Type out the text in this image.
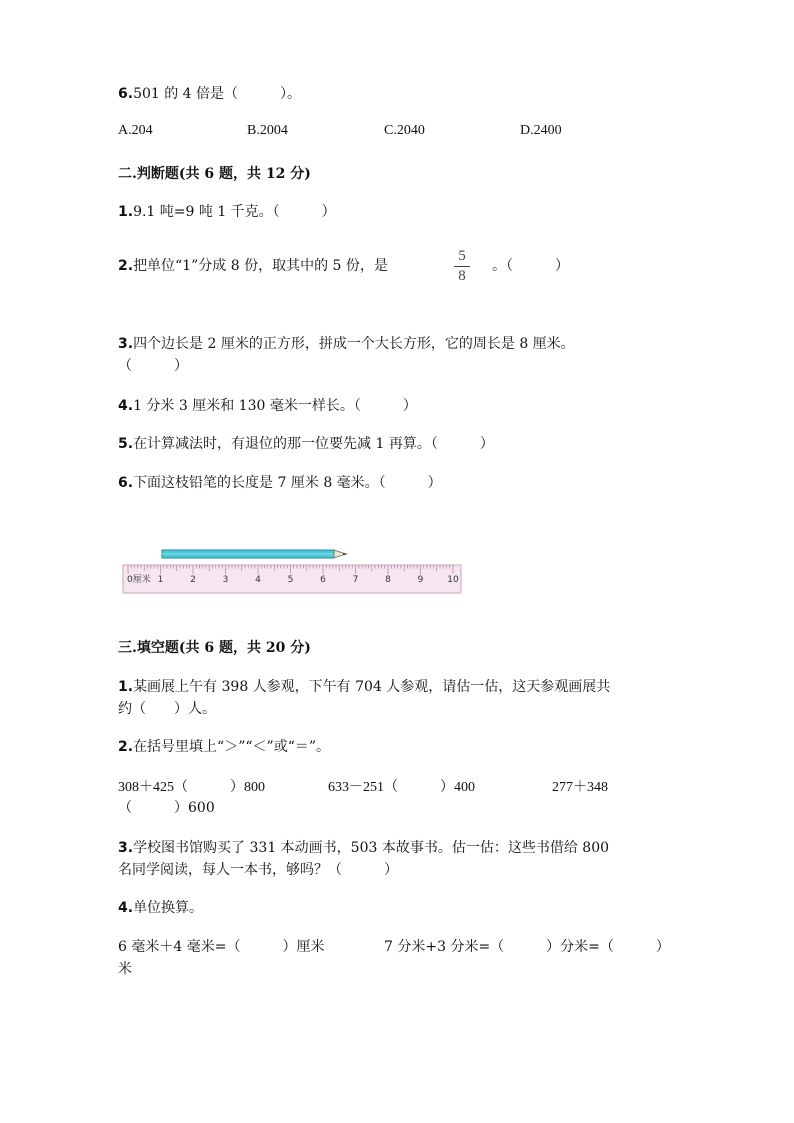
6.501 的 4 倍是（　　　）。
A.204	B.2004	C.2040	D.2400
二.判断题(共 6 题，共 12 分)
1.9.1 吨=9 吨 1 千克。（　　　）
2.把单位“1”分成 8 份，取其中的 5 份，是
5
8
。（　　　）
3.四个边长是 2 厘米的正方形，拼成一个大长方形，它的周长是 8 厘米。
（　　　）
4.1 分米 3 厘米和 130 毫米一样长。（　　　）
5.在计算减法时，有退位的那一位要先减 1 再算。（　　　）
6.下面这枝铅笔的长度是 7 厘米 8 毫米。（　　　）
0厘米 1	2	3	4	5	6	7	8	9	10
三.填空题(共 6 题，共 20 分)
1.某画展上午有 398 人参观，下午有 704 人参观，请估一估，这天参观画展共
约（　　）人。
2.在括号里填上“＞”“＜”或“＝”。
308＋425（　　　）800	633－251（　　　）400	277＋348
（　　　）600
3.学校图书馆购买了 331 本动画书，503 本故事书。估一估：这些书借给 800
名同学阅读，每人一本书，够吗？（　　　）
4.单位换算。
6 毫米＋4 毫米=（　　　）厘米	7 分米+3 分米=（　　　）分米=（　　　）
米
